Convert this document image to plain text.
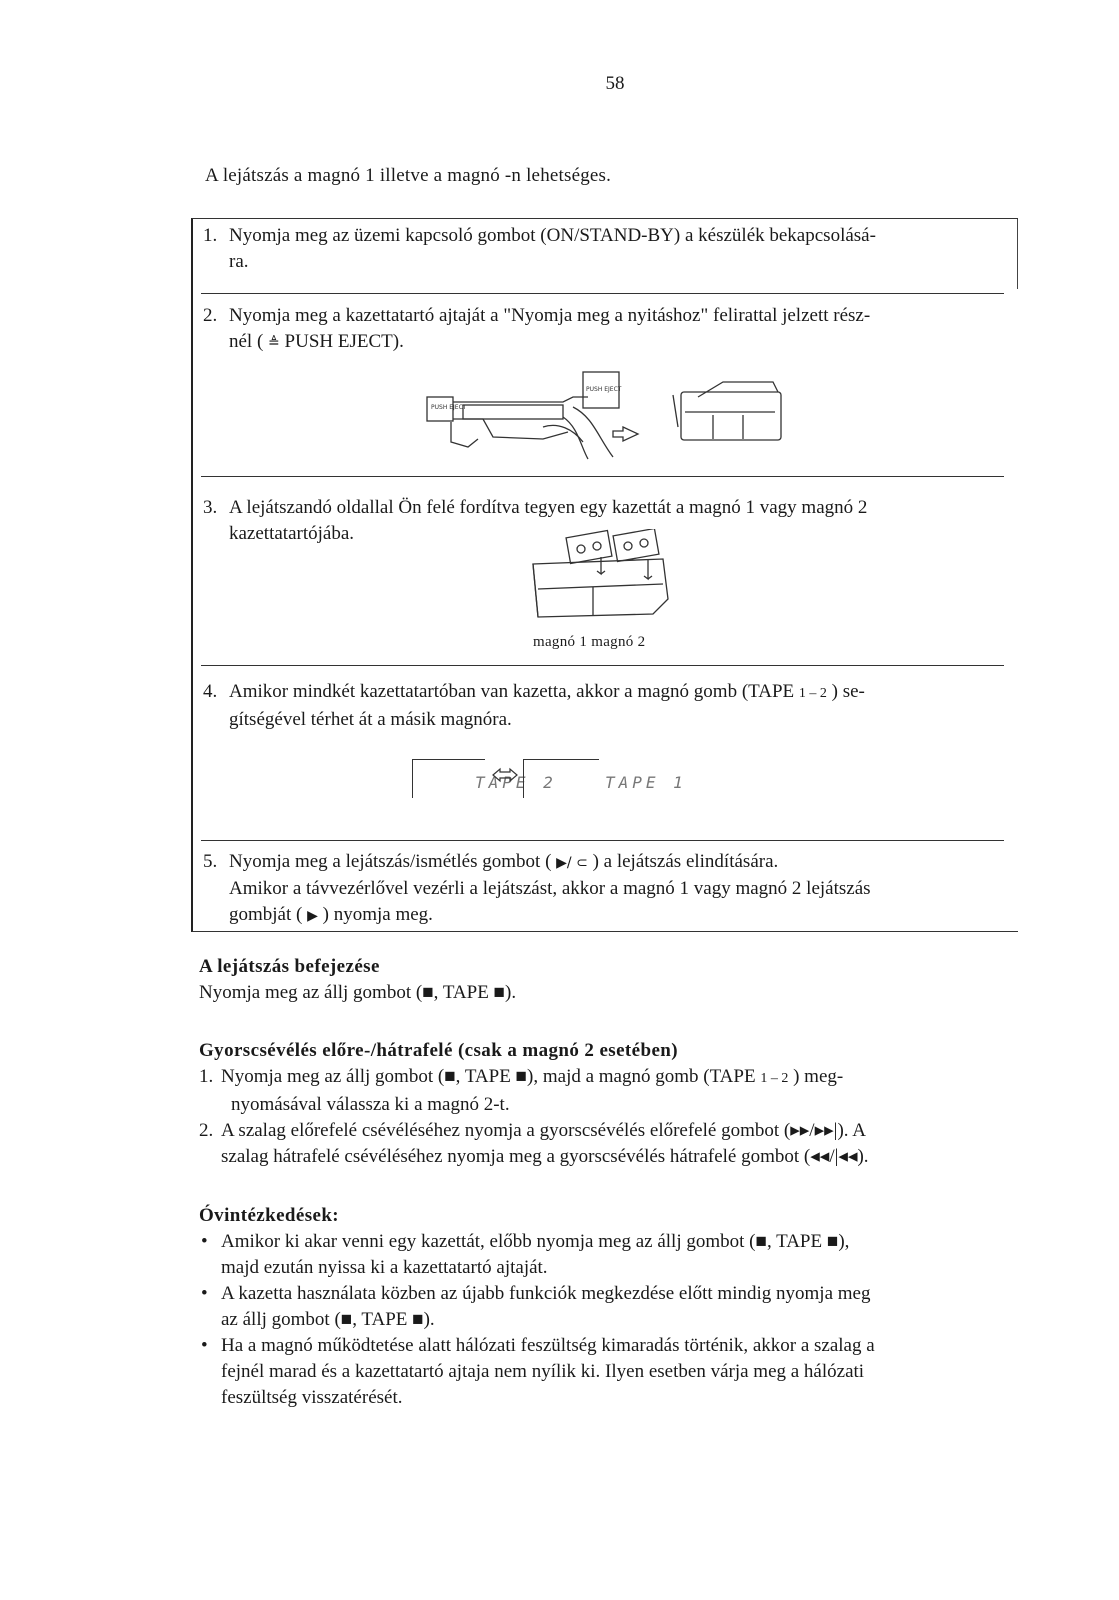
58
A lejátszás a magnó 1 illetve a magnó -n lehetséges.
1. Nyomja meg az üzemi kapcsoló gombot (ON/STAND-BY) a készülék bekapcsolásá-
ra.
2. Nyomja meg a kazettatartó ajtaját a "Nyomja meg a nyitáshoz" felirattal jelzett rész-
nél ( ≜ PUSH EJECT).
PUSH EJECT
PUSH EJECT
3. A lejátszandó oldallal Ön felé fordítva tegyen egy kazettát a magnó 1 vagy magnó 2
kazettatartójába.
magnó 1 magnó 2
4. Amikor mindkét kazettatartóban van kazetta, akkor a magnó gomb (TAPE 1 – 2 ) se-
gítségével térhet át a másik magnóra.
TAPE 2	TAPE 1
5. Nyomja meg a lejátszás/ismétlés gombot ( ▶/ ⊂ ) a lejátszás elindítására.
Amikor a távvezérlővel vezérli a lejátszást, akkor a magnó 1 vagy magnó 2 lejátszás
gombját ( ▶ ) nyomja meg.
A lejátszás befejezése
Nyomja meg az állj gombot (■, TAPE ■).
Gyorscsévélés előre-/hátrafelé (csak a magnó 2 esetében)
1. Nyomja meg az állj gombot (■, TAPE ■), majd a magnó gomb (TAPE 1 – 2 ) meg-
nyomásával válassza ki a magnó 2-t.
2. A szalag előrefelé csévéléséhez nyomja a gyorscsévélés előrefelé gombot (▸▸/▸▸|). A
szalag hátrafelé csévéléséhez nyomja meg a gyorscsévélés hátrafelé gombot (◂◂/|◂◂).
Óvintézkedések:
• Amikor ki akar venni egy kazettát, előbb nyomja meg az állj gombot (■, TAPE ■),
majd ezután nyissa ki a kazettatartó ajtaját.
• A kazetta használata közben az újabb funkciók megkezdése előtt mindig nyomja meg
az állj gombot (■, TAPE ■).
• Ha a magnó működtetése alatt hálózati feszültség kimaradás történik, akkor a szalag a
fejnél marad és a kazettatartó ajtaja nem nyílik ki. Ilyen esetben várja meg a hálózati
feszültség visszatérését.
